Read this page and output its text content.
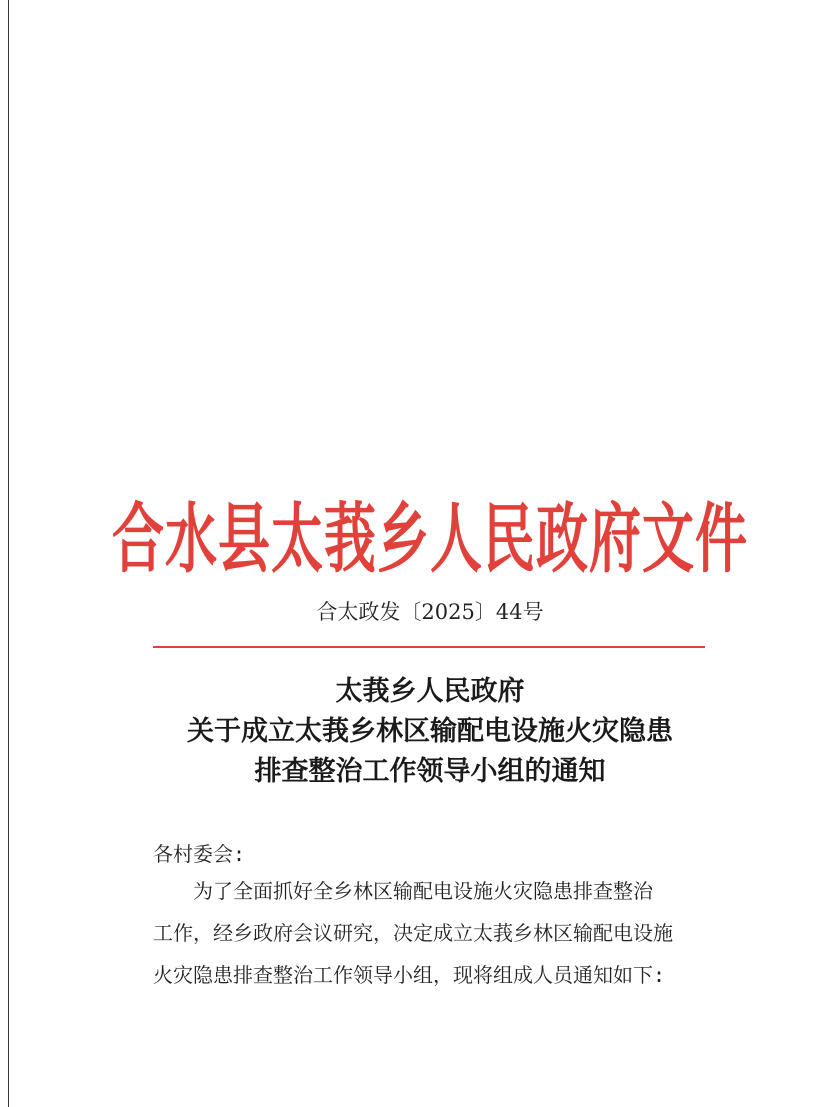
合水县太莪乡人民政府文件
合太政发〔2025〕44号
太莪乡人民政府
关于成立太莪乡林区输配电设施火灾隐患
排查整治工作领导小组的通知
各村委会:
为了全面抓好全乡林区输配电设施火灾隐患排查整治
工作，经乡政府会议研究，决定成立太莪乡林区输配电设施
火灾隐患排查整治工作领导小组，现将组成人员通知如下:
